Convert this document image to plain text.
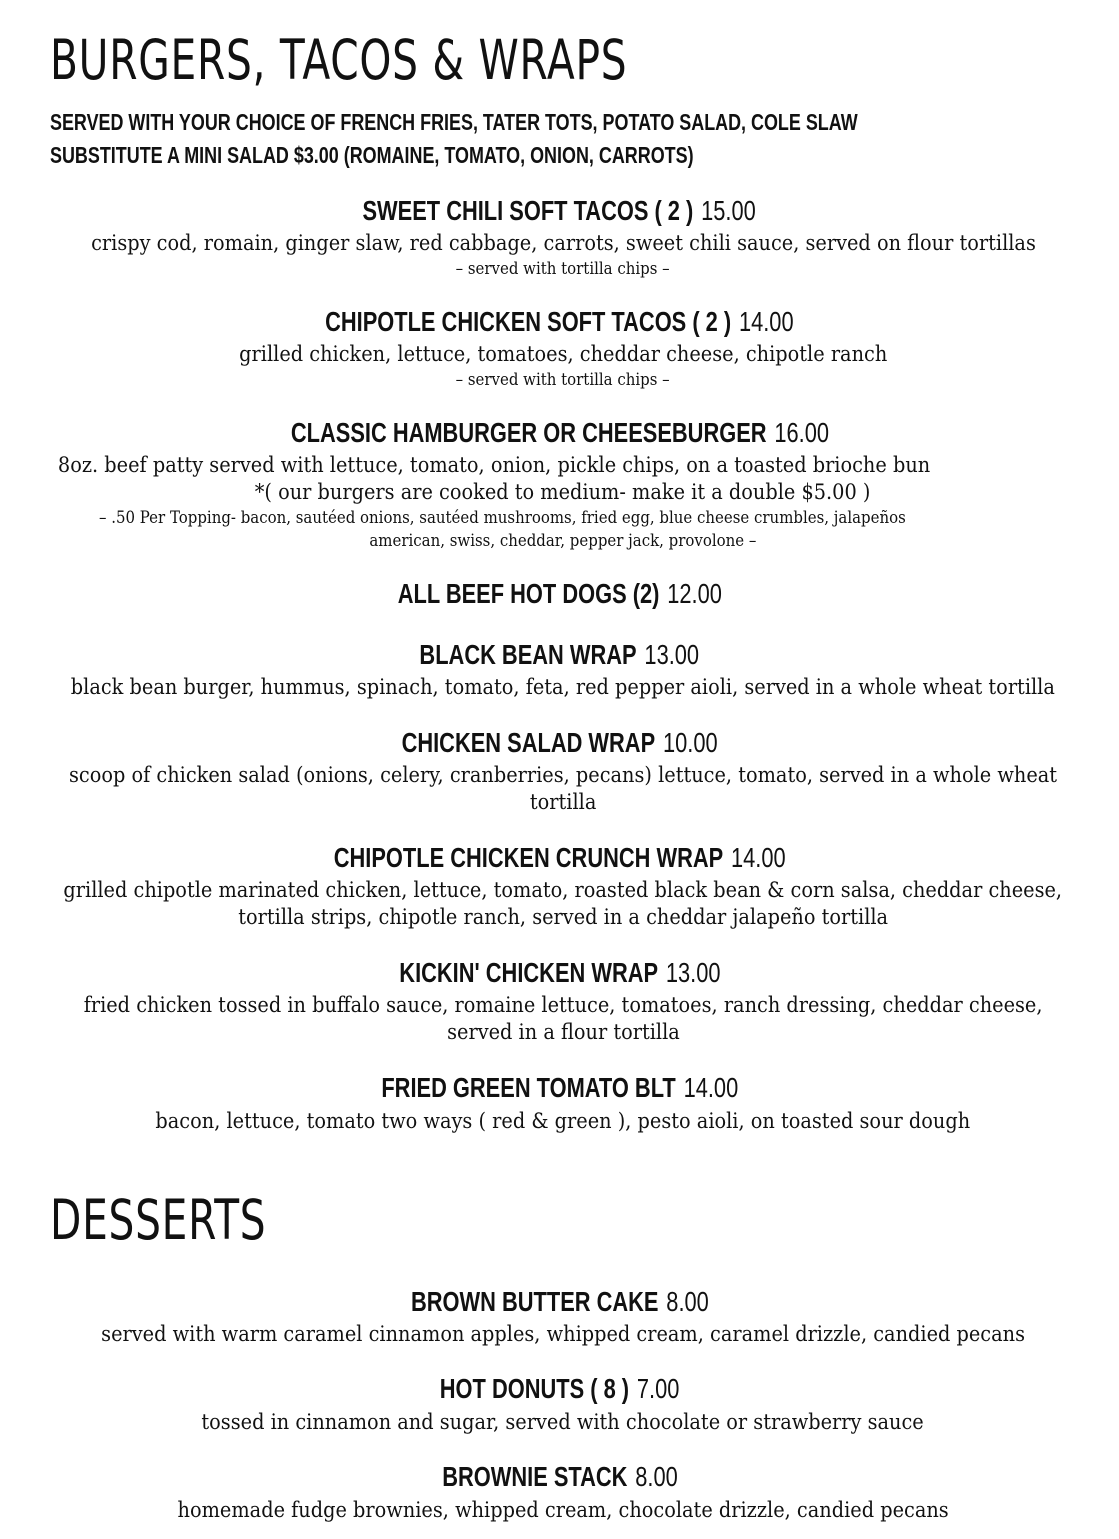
BURGERS, TACOS & WRAPS
SERVED WITH YOUR CHOICE OF FRENCH FRIES, TATER TOTS, POTATO SALAD, COLE SLAW
SUBSTITUTE A MINI SALAD $3.00 (ROMAINE, TOMATO, ONION, CARROTS)
SWEET CHILI SOFT TACOS ( 2 ) 15.00
crispy cod, romain, ginger slaw, red cabbage, carrots, sweet chili sauce, served on flour tortillas
– served with tortilla chips –
CHIPOTLE CHICKEN SOFT TACOS ( 2 ) 14.00
grilled chicken, lettuce, tomatoes, cheddar cheese, chipotle ranch
– served with tortilla chips –
CLASSIC HAMBURGER OR CHEESEBURGER 16.00
8oz. beef patty served with lettuce, tomato, onion, pickle chips, on a toasted brioche bun
*( our burgers are cooked to medium- make it a double $5.00 )
– .50 Per Topping- bacon, sautéed onions, sautéed mushrooms, fried egg, blue cheese crumbles, jalapeños
american, swiss, cheddar, pepper jack, provolone –
ALL BEEF HOT DOGS (2) 12.00
BLACK BEAN WRAP 13.00
black bean burger, hummus, spinach, tomato, feta, red pepper aioli, served in a whole wheat tortilla
CHICKEN SALAD WRAP 10.00
scoop of chicken salad (onions, celery, cranberries, pecans) lettuce, tomato, served in a whole wheat
tortilla
CHIPOTLE CHICKEN CRUNCH WRAP 14.00
grilled chipotle marinated chicken, lettuce, tomato, roasted black bean & corn salsa, cheddar cheese,
tortilla strips, chipotle ranch, served in a cheddar jalapeño tortilla
KICKIN' CHICKEN WRAP 13.00
fried chicken tossed in buffalo sauce, romaine lettuce, tomatoes, ranch dressing, cheddar cheese,
served in a flour tortilla
FRIED GREEN TOMATO BLT 14.00
bacon, lettuce, tomato two ways ( red & green ), pesto aioli, on toasted sour dough
DESSERTS
BROWN BUTTER CAKE 8.00
served with warm caramel cinnamon apples, whipped cream, caramel drizzle, candied pecans
HOT DONUTS ( 8 ) 7.00
tossed in cinnamon and sugar, served with chocolate or strawberry sauce
BROWNIE STACK 8.00
homemade fudge brownies, whipped cream, chocolate drizzle, candied pecans
